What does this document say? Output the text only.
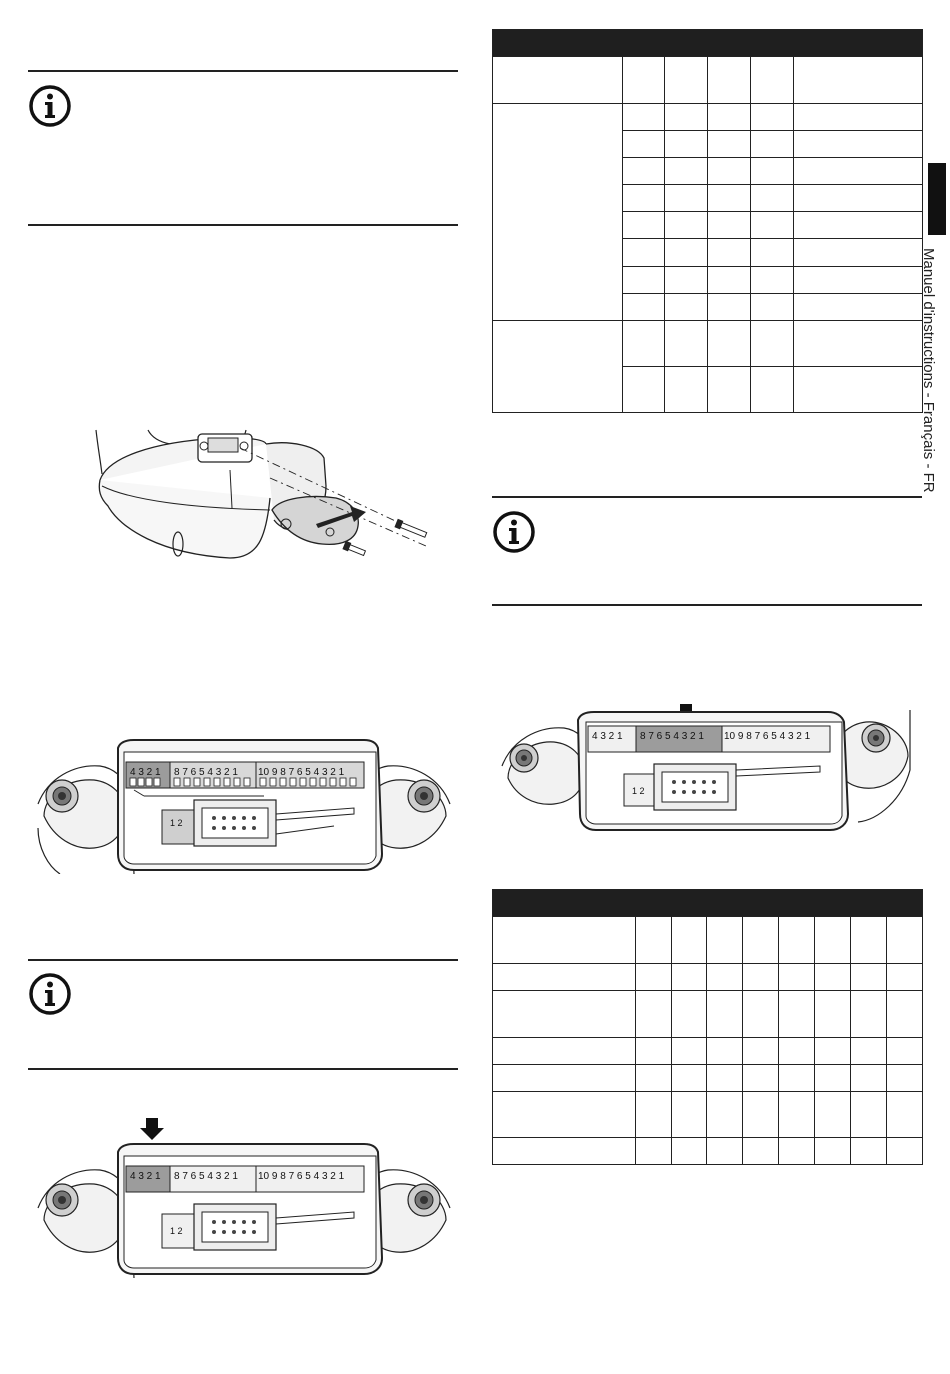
4 3 2 1 8 7 6 5 4 3 2 1 10 9 8 7 6 5 4 3 2 1
1 2
4 3 2 1 8 7 6 5 4 3 2 1 10 9 8 7 6 5 4 3 2 1
1 2

4 3 2 1 8 7 6 5 4 3 2 1 10 9 8 7 6 5 4 3 2 1
1 2

Manuel d'instructions - Français - FR
